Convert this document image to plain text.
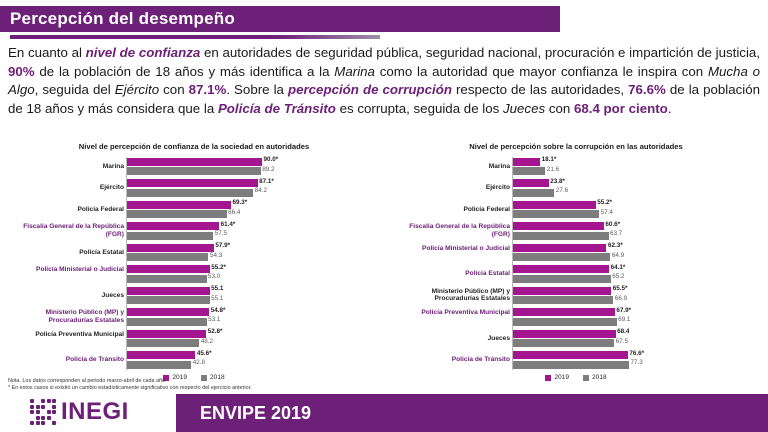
Percepción del desempeño
En cuanto al nivel de confianza en autoridades de seguridad pública, seguridad nacional, procuración e impartición de justicia, 90% de la población de 18 años y más identifica a la Marina como la autoridad que mayor confianza le inspira con Mucha o Algo, seguida del Ejército con 87.1%. Sobre la percepción de corrupción respecto de las autoridades, 76.6% de la población de 18 años y más considera que la Policía de Tránsito es corrupta, seguida de los Jueces con 68.4 por ciento.
Nivel de percepción de confianza de la sociedad en autoridades
Marina
90.0*
89.2
Ejército
87.1*
84.2
Policía Federal
69.3*
66.4
Fiscalía General de la República (FGR)
61.4*
57.5
Policía Estatal
57.9*
54.3
Policía Ministerial o Judicial	55.2*
53.0
Jueces
55.1
55.1
Ministerio Público (MP) y Procuradurías Estatales
54.8*
53.1
Policía Preventiva Municipal	52.8*
48.2
Policía de Tránsito
45.6*
42.8
2019	2018
Nivel de percepción sobre la corrupción en las autoridades
Marina
18.1*
21.6
Ejército
23.8*
27.6
Policía Federal
55.2*
57.4
Fiscalía General de la República (FGR)
60.6*
63.7
Policía Ministerial o Judicial	62.3*
64.9
Policía Estatal
64.1*
65.2
Ministerio Público (MP) y Procuradurías Estatales
65.5*
66.9
Policía Preventiva Municipal	67.9*
69.1
Jueces
68.4
67.5
Policía de Tránsito
76.6*
77.3
2019	2018
Nota. Los datos corresponden al periodo marzo-abril de cada año.
* En estos casos si existió un cambio estadísticamente significativo con respecto del ejercicio anterior.
INEGI	ENVIPE 2019
